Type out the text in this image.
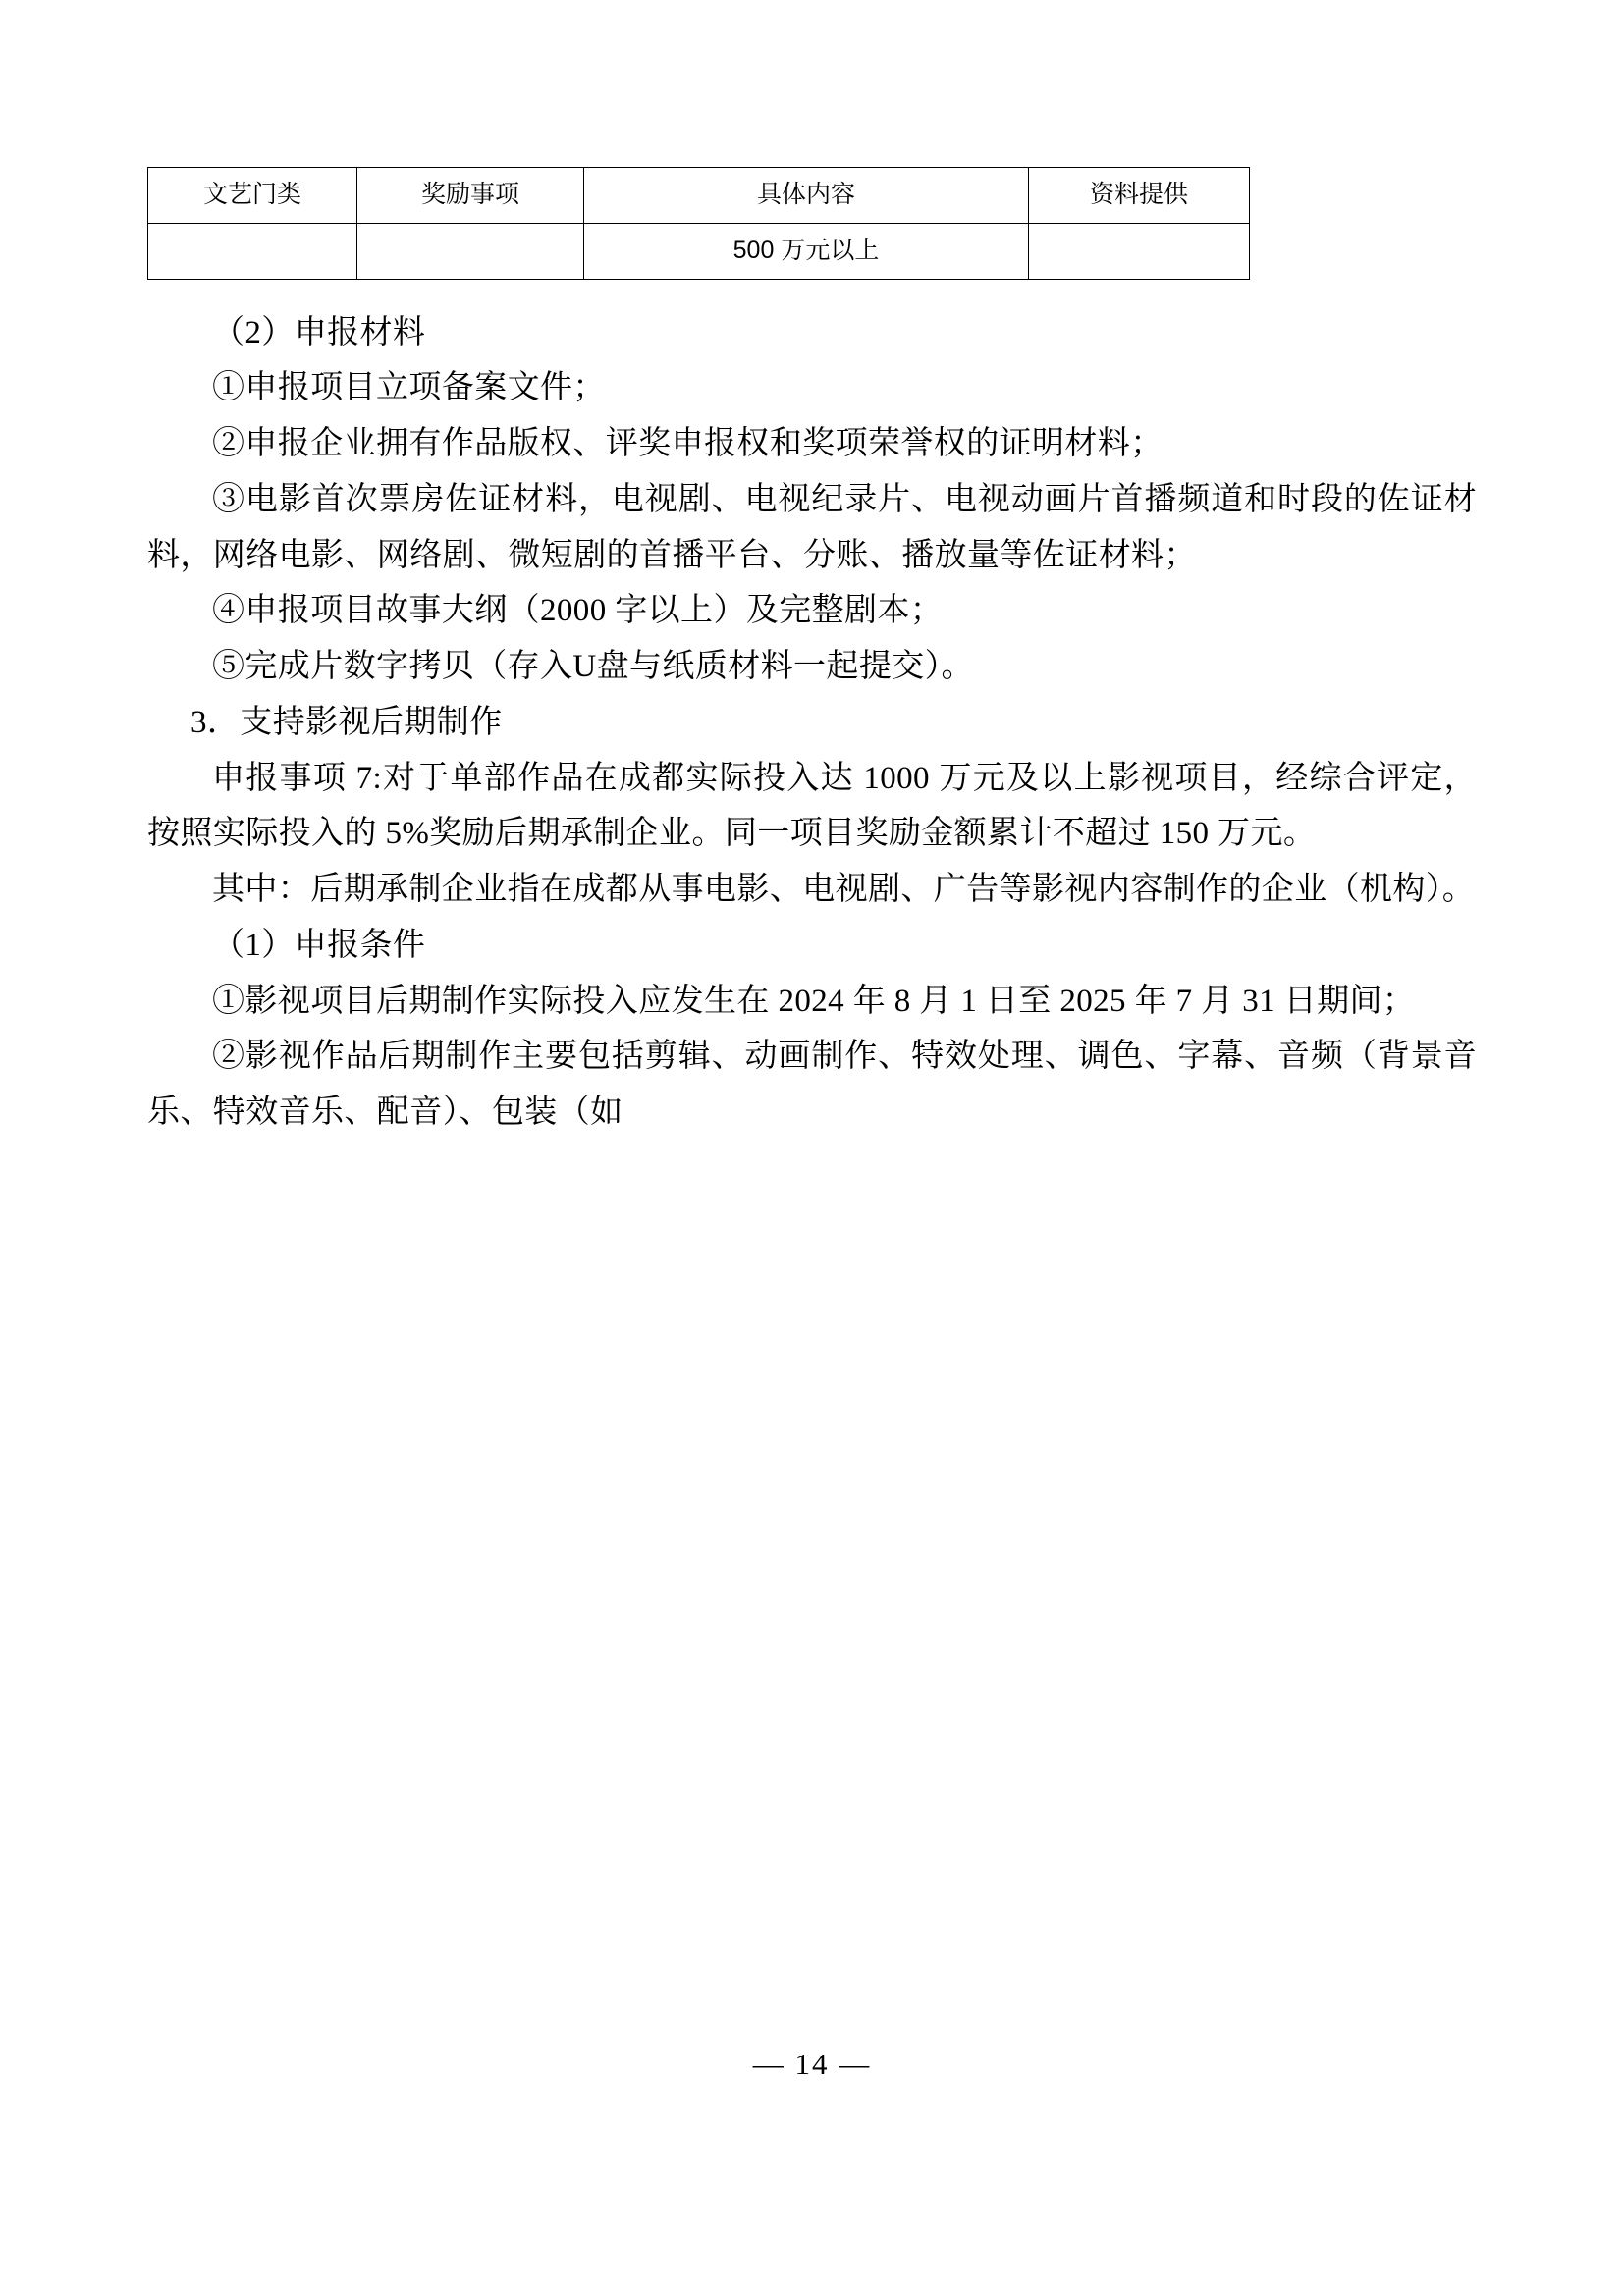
文艺门类	奖励事项	具体内容	资料提供
		500 万元以上	

（2）申报材料

①申报项目立项备案文件；

②申报企业拥有作品版权、评奖申报权和奖项荣誉权的证明材料；

③电影首次票房佐证材料，电视剧、电视纪录片、电视动画片首播频道和时段的佐证材料，网络电影、网络剧、微短剧的首播平台、分账、播放量等佐证材料；

④申报项目故事大纲（2000 字以上）及完整剧本；

⑤完成片数字拷贝（存入U盘与纸质材料一起提交）。

3．支持影视后期制作

申报事项 7:对于单部作品在成都实际投入达 1000 万元及以上影视项目，经综合评定，按照实际投入的 5%奖励后期承制企业。同一项目奖励金额累计不超过 150 万元。

其中：后期承制企业指在成都从事电影、电视剧、广告等影视内容制作的企业（机构）。

（1）申报条件

①影视项目后期制作实际投入应发生在 2024 年 8 月 1 日至 2025 年 7 月 31 日期间；

②影视作品后期制作主要包括剪辑、动画制作、特效处理、调色、字幕、音频（背景音乐、特效音乐、配音）、包装（如

— 14 —
